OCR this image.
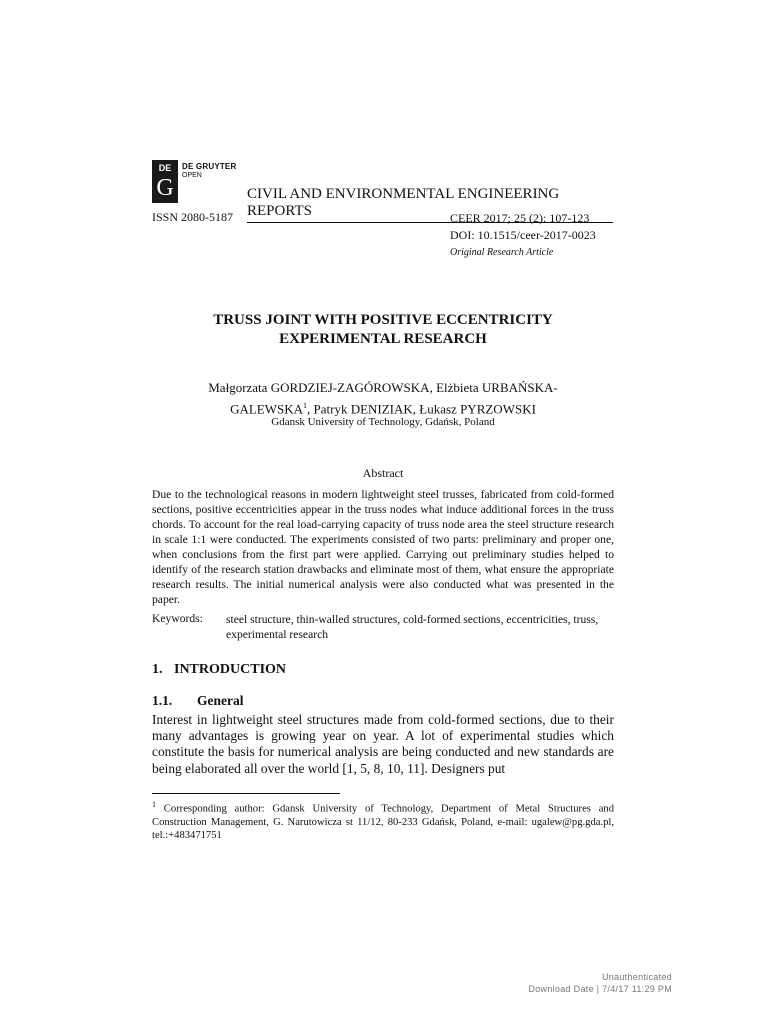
DE
G
DE GRUYTER
OPEN
CIVIL AND ENVIRONMENTAL ENGINEERING REPORTS
ISSN 2080-5187	CEER 2017; 25 (2): 107-123
DOI: 10.1515/ceer-2017-0023
Original Research Article
TRUSS JOINT WITH POSITIVE ECCENTRICITY
EXPERIMENTAL RESEARCH
Małgorzata GORDZIEJ-ZAGÓROWSKA, Elżbieta URBAŃSKA-
GALEWSKA$^1$, Patryk DENIZIAK, Łukasz PYRZOWSKI
Gdansk University of Technology, Gdańsk, Poland
Abstract
Due to the technological reasons in modern lightweight steel trusses, fabricated from cold-formed sections, positive eccentricities appear in the truss nodes what induce additional forces in the truss chords. To account for the real load-carrying capacity of truss node area the steel structure research in scale 1:1 were conducted. The experiments consisted of two parts: preliminary and proper one, when conclusions from the first part were applied. Carrying out preliminary studies helped to identify of the research station drawbacks and eliminate most of them, what ensure the appropriate research results. The initial numerical analysis were also conducted what was presented in the paper.
Keywords: steel structure, thin-walled structures, cold-formed sections, eccentricities, truss, experimental research
1. INTRODUCTION
1.1. General
Interest in lightweight steel structures made from cold-formed sections, due to their many advantages is growing year on year. A lot of experimental studies which constitute the basis for numerical analysis are being conducted and new standards are being elaborated all over the world [1, 5, 8, 10, 11]. Designers put
$^1$ Corresponding author: Gdansk University of Technology, Department of Metal Structures and Construction Management, G. Narutowicza st 11/12, 80-233 Gdańsk, Poland, e-mail: ugalew@pg.gda.pl, tel.:+483471751
Unauthenticated
Download Date | 7/4/17 11:29 PM
